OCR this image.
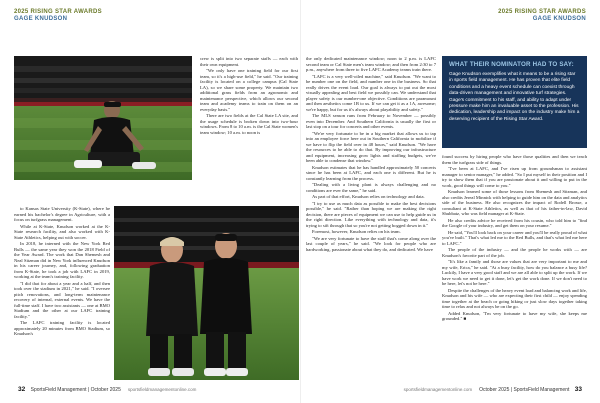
2025 RISING STAR AWARDS
GAGE KNUDSON
2025 RISING STAR AWARDS
GAGE KNUDSON

to Kansas State University (K-State), where he earned his bachelor's degree in Agriculture, with a focus on turfgrass management.

While at K-State, Knudson worked at the K-State research facility, and also worked with K-State Athletics, helping out with soccer.

In 2018, he interned with the New York Red Bulls — the same year they won the 2018 Field of the Year Award. The work that Dan Shemesh and Neal Sitzman did in New York influenced Knudson in his career journey, and, following graduation from K-State, he took a job with LAFC in 2019, working at the team's training facility.

"I did that for about a year and a half, and then took over the stadium in 2021," he said. "I oversee pitch renovations, and long-term maintenance recovery of internal, external events. We have the full-time staff. I have two assistants — one at BMO Stadium and the other at our LAFC training facility."

The LAFC training facility is located approximately 20 minutes from BMO Stadium, so Knudson's

crew is split into two separate staffs — each with their own equipment.

"We only have one training field for our first team, so it's a high-use field," he said. "Our training facility is located on a college campus (Cal State LA), so we share some property. We maintain two additional grass fields from an agronomic and maintenance perspective, which allows our second team and academy teams to train on them on an everyday basis."

There are two fields at the Cal State LA site, and the usage schedule is broken down into two-hour windows. From 8 to 10 a.m. is the Cal State women's team window; 10 a.m. to noon is

the only dedicated maintenance window; noon to 2 p.m. is LAFC second team or Cal State men's team window; and then from 2:30 to 7 p.m., anywhere from three to five LAFC Academy teams train there.

"LAFC is a very well-oiled machine," said Knudson. "We want to be number one on the field, and number one in the business. So that really drives the event load. Our goal is always to put out the most visually appealing and best field we possibly can. We understand that player safety is our number-one objective. Conditions are paramount and then aesthetics come 1B to us. If we can get it as a 1A, awesome; we're happy, but for us it's always about playability and safety."

The MLS season runs from February to November — possibly even into December. And Southern California is usually the first or last stop on a tour for concerts and other events.

"We're very fortunate to be in a big market that allows us to tap into an employee force here out in Southern California to mobilize if we have to flip the field over in 48 hours," said Knudson. "We have the resources to be able to do that. By improving our infrastructure and equipment, increasing grow lights and staffing budgets, we've been able to condense that window."

Knudson estimates that he has handled approximately 50 concerts since he has been at LAFC, and each one is different. But he is constantly learning from the process.

"Dealing with a living plant is always challenging and no conditions are ever the same," he said.

As part of that effort, Knudson relies on technology and data.

"I try to use as much data as possible to make the best decisions possible," he said. "Rather than hoping we are making the right decision, there are pieces of equipment we can use to help guide us in the right direction. Like everything with technology and data, it's trying to sift through that so you're not getting bogged down in it."

Foremost, however, Knudson relies on his team.

"We are very fortunate to have the staff that's come along over the last couple of years," he said. "We look for people who are hardworking, passionate about what they do, and dedicated. We have

WHAT THEIR NOMINATOR HAD TO SAY:
Gage Knudson exemplifies what it means to be a rising star in sports field management. He has proven that elite field conditions and a heavy event schedule can coexist through data-driven management and innovative turf strategies. Gage's commitment to his staff, and ability to adapt under pressure make him an invaluable asset to the profession. His dedication, leadership and impact on the industry make him a deserving recipient of the Rising Star Award.

found success by hiring people who have those qualities and then we teach them the turfgrass side of things.

"I've been at LAFC, and I've risen up from groundsman to assistant manager to senior manager," he added. "So I put myself in their position and I try to show them that if you are passionate about it and willing to put in the work, good things will come to you."

Knudson learned some of those lessons from Shemesh and Sitzman, and also credits Jereal Minnick with helping to guide him on the data and analytics side of the business. He also recognizes the impact of Rodell Brosse, a consultant at K-State Athletics, as well as that of his father-in-law, David Shubbatz, who was field manager at K-State.

He also credits advice he received from his cousin, who told him to "find the Google of your industry, and get them on your resume."

He said, "You'll look back on your career and you'll be really proud of what you've built." That's what led me to the Red Bulls, and that's what led me here to LAFC."

The people of the industry — and the people he works with — are Knudson's favorite part of the job.

"It's like a family and those are values that are very important to me and my wife, Erica," he said. "At a busy facility, how do you balance a busy life? Luckily, I have a very good staff and we are all able to split up the work. If we have work we need to get it done, let's get the work done. If we don't need to be here, let's not be here."

Despite the challenges of the heavy event load and balancing work and life, Knudson and his wife — who are expecting their first child — enjoy spending time together at the beach or going hiking or just slow days together taking time to relax and not always be on the go.

Added Knudson, "I'm very fortunate to have my wife, she keeps me grounded." ■

32 SportsField Management | October 2025 sportsfieldmanagementonline.com	sportsfieldmanagementonline.com October 2025 | SportsField Management 33
